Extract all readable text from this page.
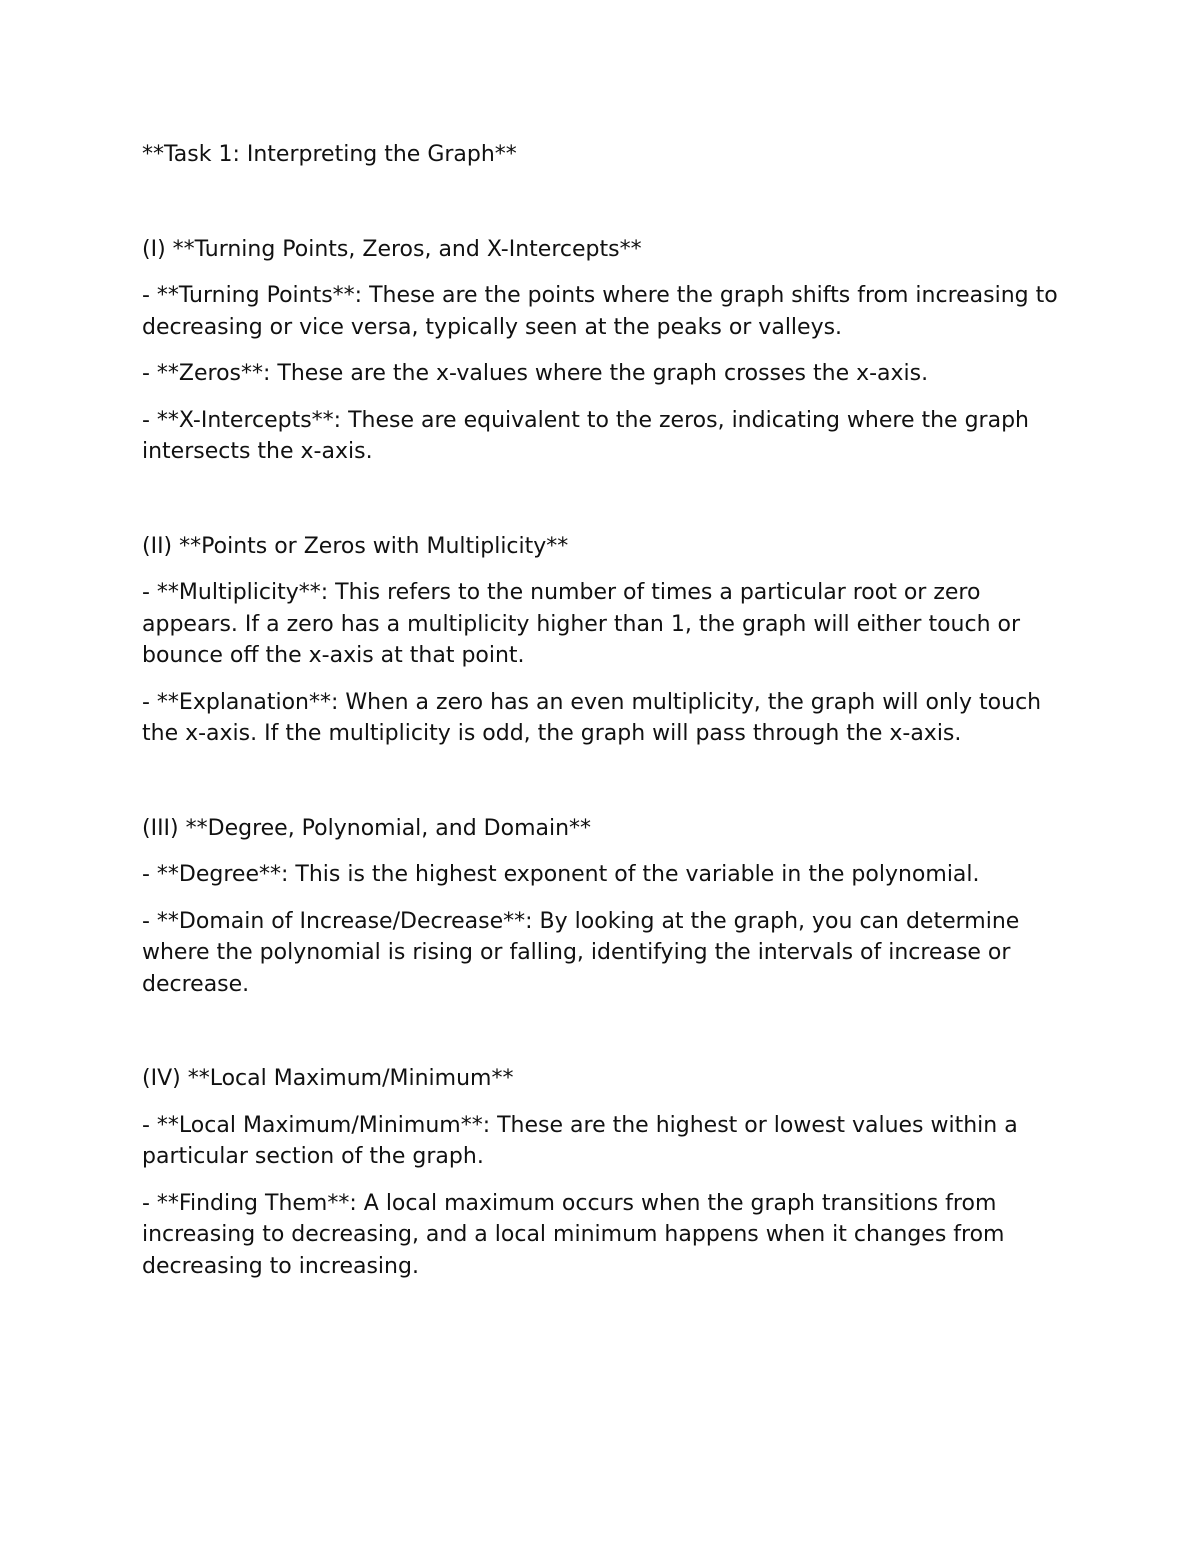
**Task 1: Interpreting the Graph**

(I) **Turning Points, Zeros, and X-Intercepts**

- **Turning Points**: These are the points where the graph shifts from increasing to decreasing or vice versa, typically seen at the peaks or valleys.

- **Zeros**: These are the x-values where the graph crosses the x-axis.

- **X-Intercepts**: These are equivalent to the zeros, indicating where the graph intersects the x-axis.

(II) **Points or Zeros with Multiplicity**

- **Multiplicity**: This refers to the number of times a particular root or zero appears. If a zero has a multiplicity higher than 1, the graph will either touch or bounce off the x-axis at that point.

- **Explanation**: When a zero has an even multiplicity, the graph will only touch the x-axis. If the multiplicity is odd, the graph will pass through the x-axis.

(III) **Degree, Polynomial, and Domain**

- **Degree**: This is the highest exponent of the variable in the polynomial.

- **Domain of Increase/Decrease**: By looking at the graph, you can determine where the polynomial is rising or falling, identifying the intervals of increase or decrease.

(IV) **Local Maximum/Minimum**

- **Local Maximum/Minimum**: These are the highest or lowest values within a particular section of the graph.

- **Finding Them**: A local maximum occurs when the graph transitions from increasing to decreasing, and a local minimum happens when it changes from decreasing to increasing.
